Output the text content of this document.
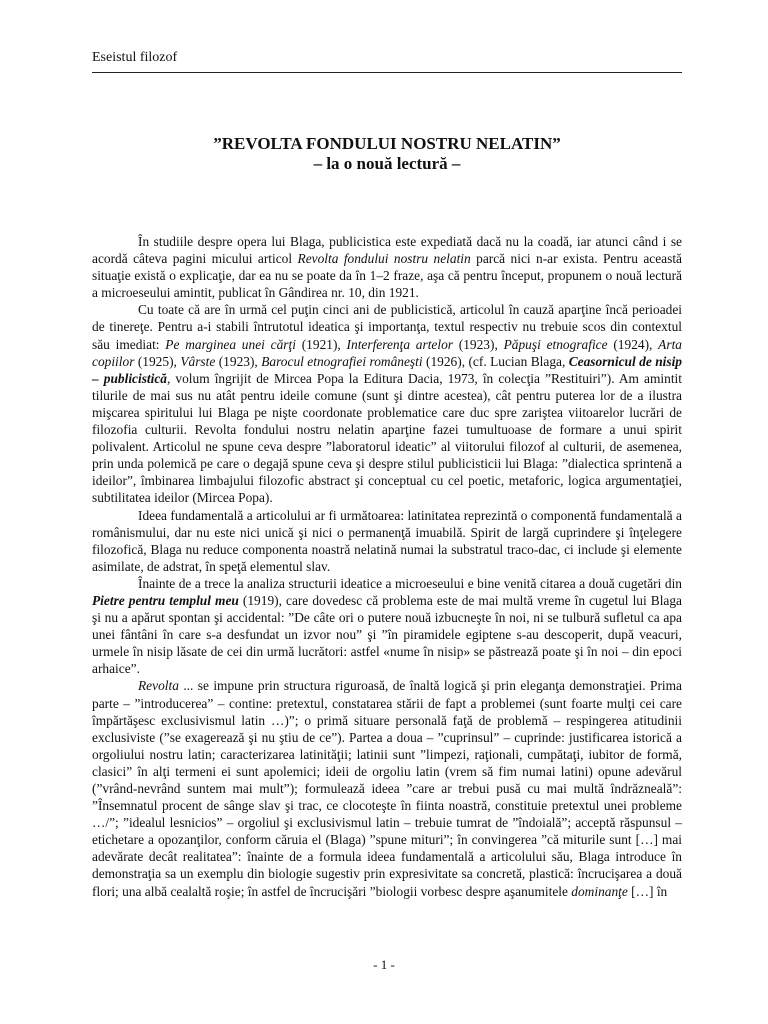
Eseistul filozof

”REVOLTA FONDULUI NOSTRU NELATIN”

– la o nouă lectură –

În studiile despre opera lui Blaga, publicistica este expediată dacă nu la coadă, iar atunci când i se acordă câteva pagini micului articol Revolta fondului nostru nelatin parcă nici n-ar exista. Pentru această situaţie există o explicaţie, dar ea nu se poate da în 1–2 fraze, aşa că pentru început, propunem o nouă lectură a microeseului amintit, publicat în Gândirea nr. 10, din 1921.

Cu toate că are în urmă cel puţin cinci ani de publicistică, articolul în cauză aparţine încă perioadei de tinereţe. Pentru a-i stabili întrutotul ideatica şi importanţa, textul respectiv nu trebuie scos din contextul său imediat: Pe marginea unei cărţi (1921), Interferenţa artelor (1923), Păpuşi etnografice (1924), Arta copiilor (1925), Vârste (1923), Barocul etnografiei româneşti (1926), (cf. Lucian Blaga, Ceasornicul de nisip – publicistică, volum îngrijit de Mircea Popa la Editura Dacia, 1973, în colecţia ”Restituiri”). Am amintit tilurile de mai sus nu atât pentru ideile comune (sunt şi dintre acestea), cât pentru puterea lor de a ilustra mişcarea spiritului lui Blaga pe nişte coordonate problematice care duc spre zariştea viitoarelor lucrări de filozofia culturii. Revolta fondului nostru nelatin aparţine fazei tumultuoase de formare a unui spirit polivalent. Articolul ne spune ceva despre ”laboratorul ideatic” al viitorului filozof al culturii, de asemenea, prin unda polemică pe care o degajă spune ceva şi despre stilul publicisticii lui Blaga: ”dialectica sprintenă a ideilor”, îmbinarea limbajului filozofic abstract şi conceptual cu cel poetic, metaforic, logica argumentaţiei, subtilitatea ideilor (Mircea Popa).

Ideea fundamentală a articolului ar fi următoarea: latinitatea reprezintă o componentă fundamentală a românismului, dar nu este nici unică şi nici o permanenţă imuabilă. Spirit de largă cuprindere şi înţelegere filozofică, Blaga nu reduce componenta noastră nelatină numai la substratul traco-dac, ci include şi elemente asimilate, de adstrat, în speţă elementul slav.

Înainte de a trece la analiza structurii ideatice a microeseului e bine venită citarea a două cugetări din Pietre pentru templul meu (1919), care dovedesc că problema este de mai multă vreme în cugetul lui Blaga şi nu a apărut spontan şi accidental: ”De câte ori o putere nouă izbucneşte în noi, ni se tulbură sufletul ca apa unei fântâni în care s-a desfundat un izvor nou” şi ”în piramidele egiptene s-au descoperit, după veacuri, urmele în nisip lăsate de cei din urmă lucrători: astfel «nume în nisip» se păstrează poate şi în noi – din epoci arhaice”.

Revolta ... se impune prin structura riguroasă, de înaltă logică şi prin eleganţa demonstraţiei. Prima parte – ”introducerea” – contine: pretextul, constatarea stării de fapt a problemei (sunt foarte mulţi cei care împărtăşesc exclusivismul latin …)”; o primă situare personală faţă de problemă – respingerea atitudinii exclusiviste (”se exagerează şi nu ştiu de ce”). Partea a doua – ”cuprinsul” – cuprinde: justificarea istorică a orgoliului nostru latin; caracterizarea latinităţii; latinii sunt ”limpezi, raţionali, cumpătaţi, iubitor de formă, clasici” în alţi termeni ei sunt apolemici; ideii de orgoliu latin (vrem să fim numai latini) opune adevărul (”vrând-nevrând suntem mai mult”); formulează ideea ”care ar trebui pusă cu mai multă îndrăzneală”: ”Însemnatul procent de sânge slav şi trac, ce clocoteşte în fiinta noastră, constituie pretextul unei probleme …/”; ”idealul lesnicios” – orgoliul şi exclusivismul latin – trebuie tumrat de ”îndoială”; acceptă răspunsul – etichetare a opozanţilor, conform căruia el (Blaga) ”spune mituri”; în convingerea ”că miturile sunt […] mai adevărate decât realitatea”: înainte de a formula ideea fundamentală a articolului său, Blaga introduce în demonstraţia sa un exemplu din biologie sugestiv prin expresivitate sa concretă, plastică: încrucişarea a două flori; una albă cealaltă roşie; în astfel de încrucişări ”biologii vorbesc despre aşanumitele dominanţe […] în

- 1 -
